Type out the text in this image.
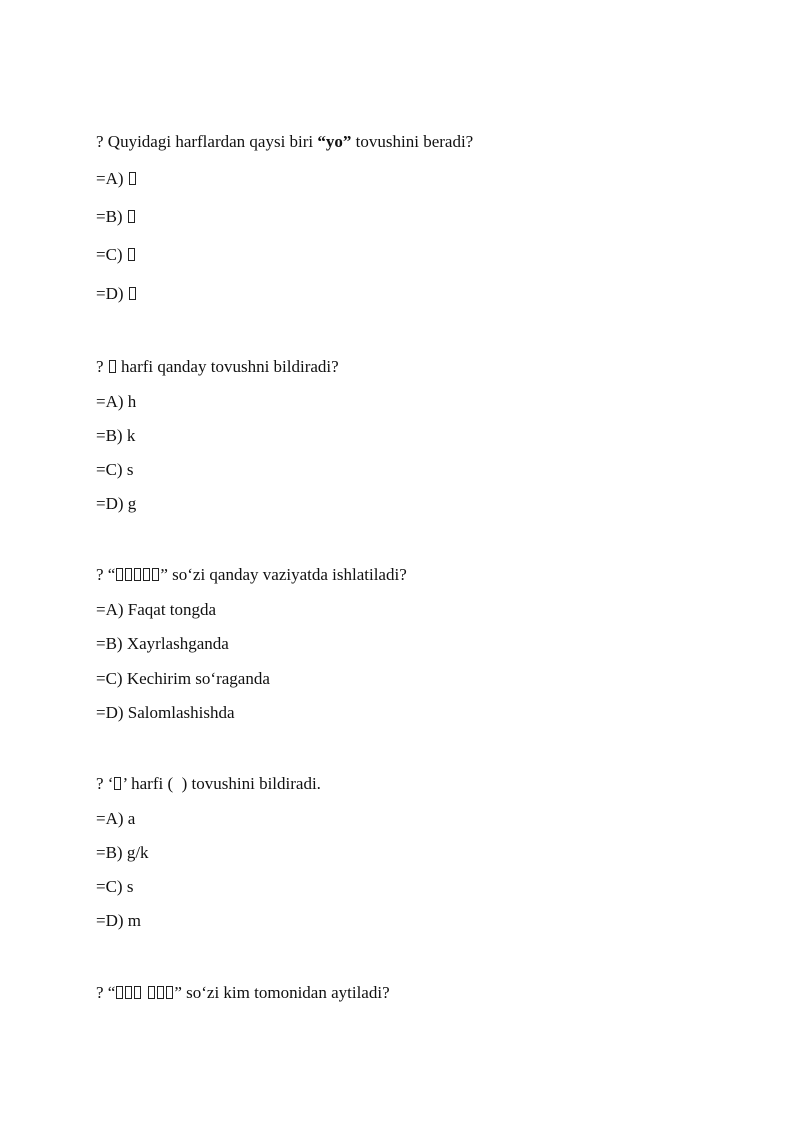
? Quyidagi harflardan qaysi biri “yo” tovushini beradi?
=A)
=B)
=C)
=D)
?  harfi qanday tovushni bildiradi?
=A) h
=B) k
=C) s
=D) g
? “	” so‘zi qanday vaziyatda ishlatiladi?
=A) Faqat tongda
=B) Xayrlashganda
=C) Kechirim so‘raganda
=D) Salomlashishda
? ‘ ’ harfi (  ) tovushini bildiradi.
=A) a
=B) g/k
=C) s
=D) m
? “	” so‘zi kim tomonidan aytiladi?
